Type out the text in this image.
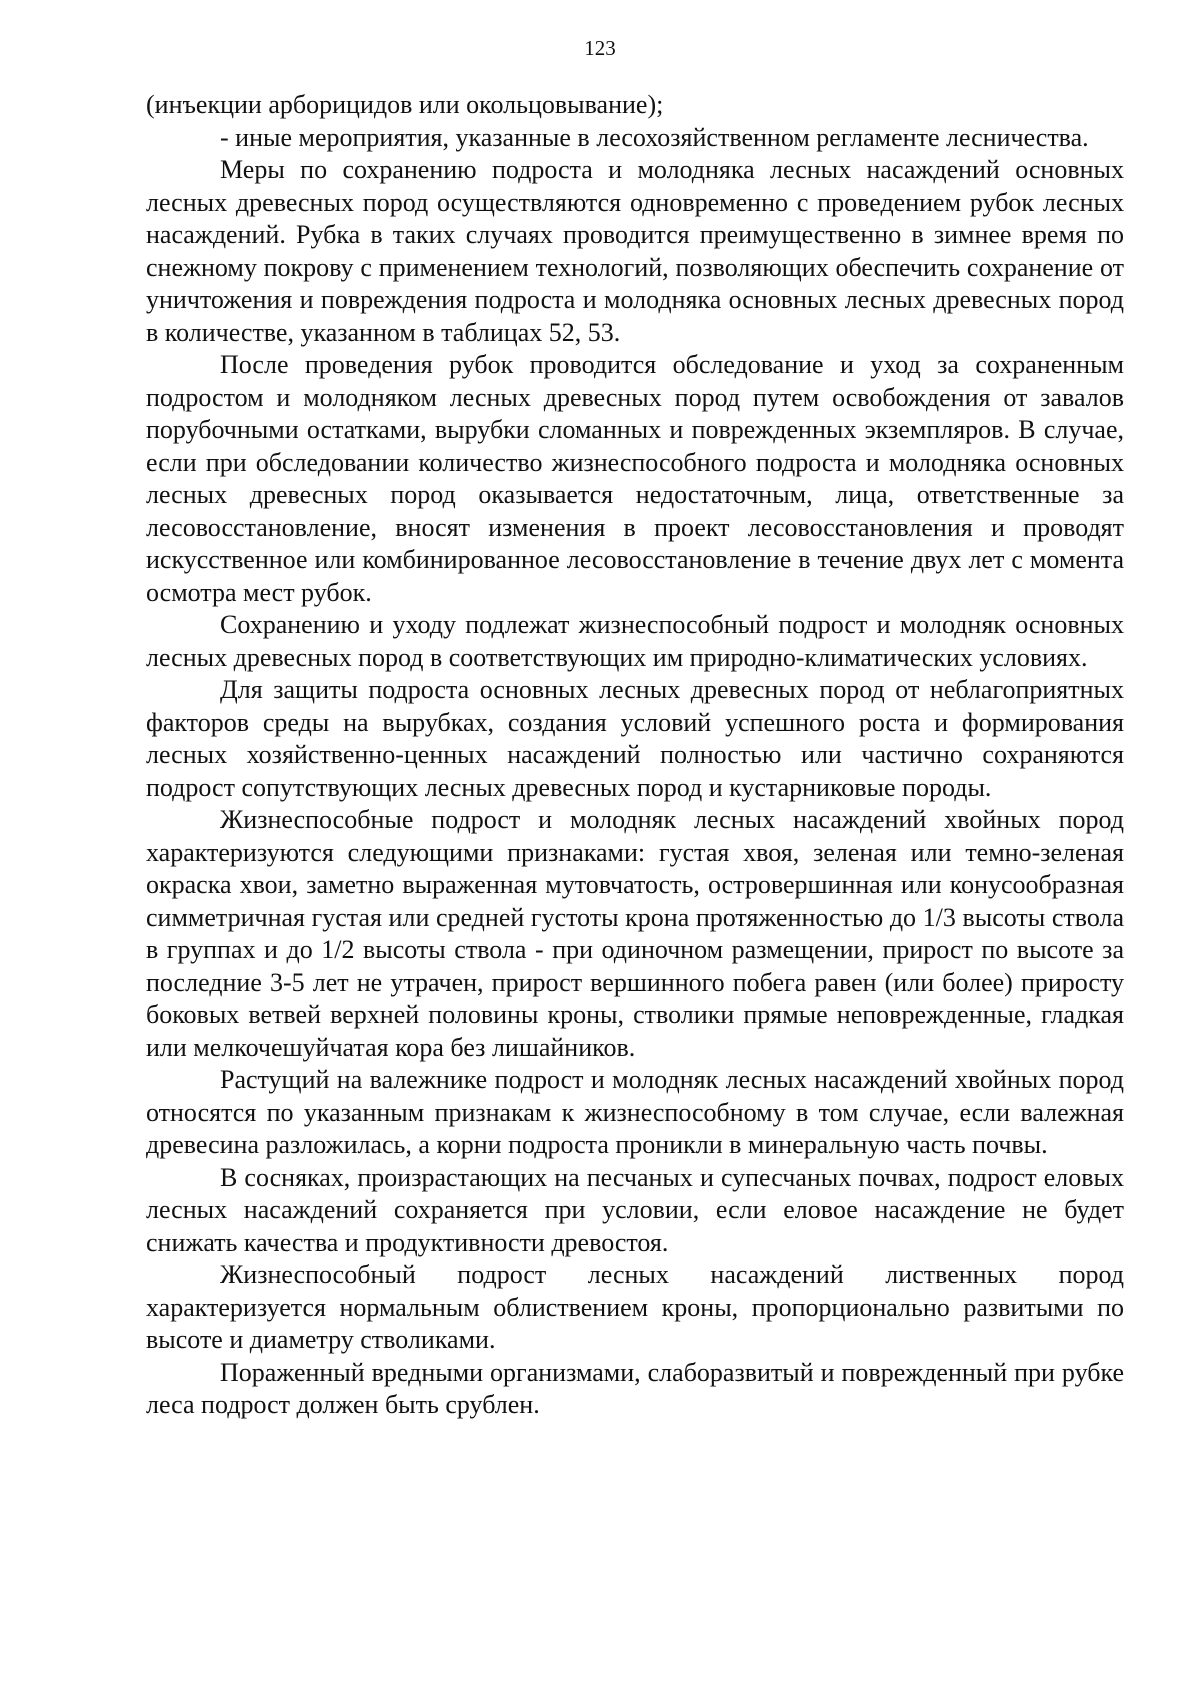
123

(инъекции арборицидов или окольцовывание);

- иные мероприятия, указанные в лесохозяйственном регламенте лесничества.

Меры по сохранению подроста и молодняка лесных насаждений основных лесных древесных пород осуществляются одновременно с проведением рубок лесных насаждений. Рубка в таких случаях проводится преимущественно в зимнее время по снежному покрову с применением технологий, позволяющих обеспечить сохранение от уничтожения и повреждения подроста и молодняка основных лесных древесных пород в количестве, указанном в таблицах 52, 53.

После проведения рубок проводится обследование и уход за сохраненным подростом и молодняком лесных древесных пород путем освобождения от завалов порубочными остатками, вырубки сломанных и поврежденных экземпляров. В случае, если при обследовании количество жизнеспособного подроста и молодняка основных лесных древесных пород оказывается недостаточным, лица, ответственные за лесовосстановление, вносят изменения в проект лесовосстановления и проводят искусственное или комбинированное лесовосстановление в течение двух лет с момента осмотра мест рубок.

Сохранению и уходу подлежат жизнеспособный подрост и молодняк основных лесных древесных пород в соответствующих им природно-климатических условиях.

Для защиты подроста основных лесных древесных пород от неблагоприятных факторов среды на вырубках, создания условий успешного роста и формирования лесных хозяйственно-ценных насаждений полностью или частично сохраняются подрост сопутствующих лесных древесных пород и кустарниковые породы.

Жизнеспособные подрост и молодняк лесных насаждений хвойных пород характеризуются следующими признаками: густая хвоя, зеленая или темно-зеленая окраска хвои, заметно выраженная мутовчатость, островершинная или конусообразная симметричная густая или средней густоты крона протяженностью до 1/3 высоты ствола в группах и до 1/2 высоты ствола - при одиночном размещении, прирост по высоте за последние 3-5 лет не утрачен, прирост вершинного побега равен (или более) приросту боковых ветвей верхней половины кроны, стволики прямые неповрежденные, гладкая или мелкочешуйчатая кора без лишайников.

Растущий на валежнике подрост и молодняк лесных насаждений хвойных пород относятся по указанным признакам к жизнеспособному в том случае, если валежная древесина разложилась, а корни подроста проникли в минеральную часть почвы.

В сосняках, произрастающих на песчаных и супесчаных почвах, подрост еловых лесных насаждений сохраняется при условии, если еловое насаждение не будет снижать качества и продуктивности древостоя.

Жизнеспособный подрост лесных насаждений лиственных пород характеризуется нормальным облиствением кроны, пропорционально развитыми по высоте и диаметру стволиками.

Пораженный вредными организмами, слаборазвитый и поврежденный при рубке леса подрост должен быть срублен.
